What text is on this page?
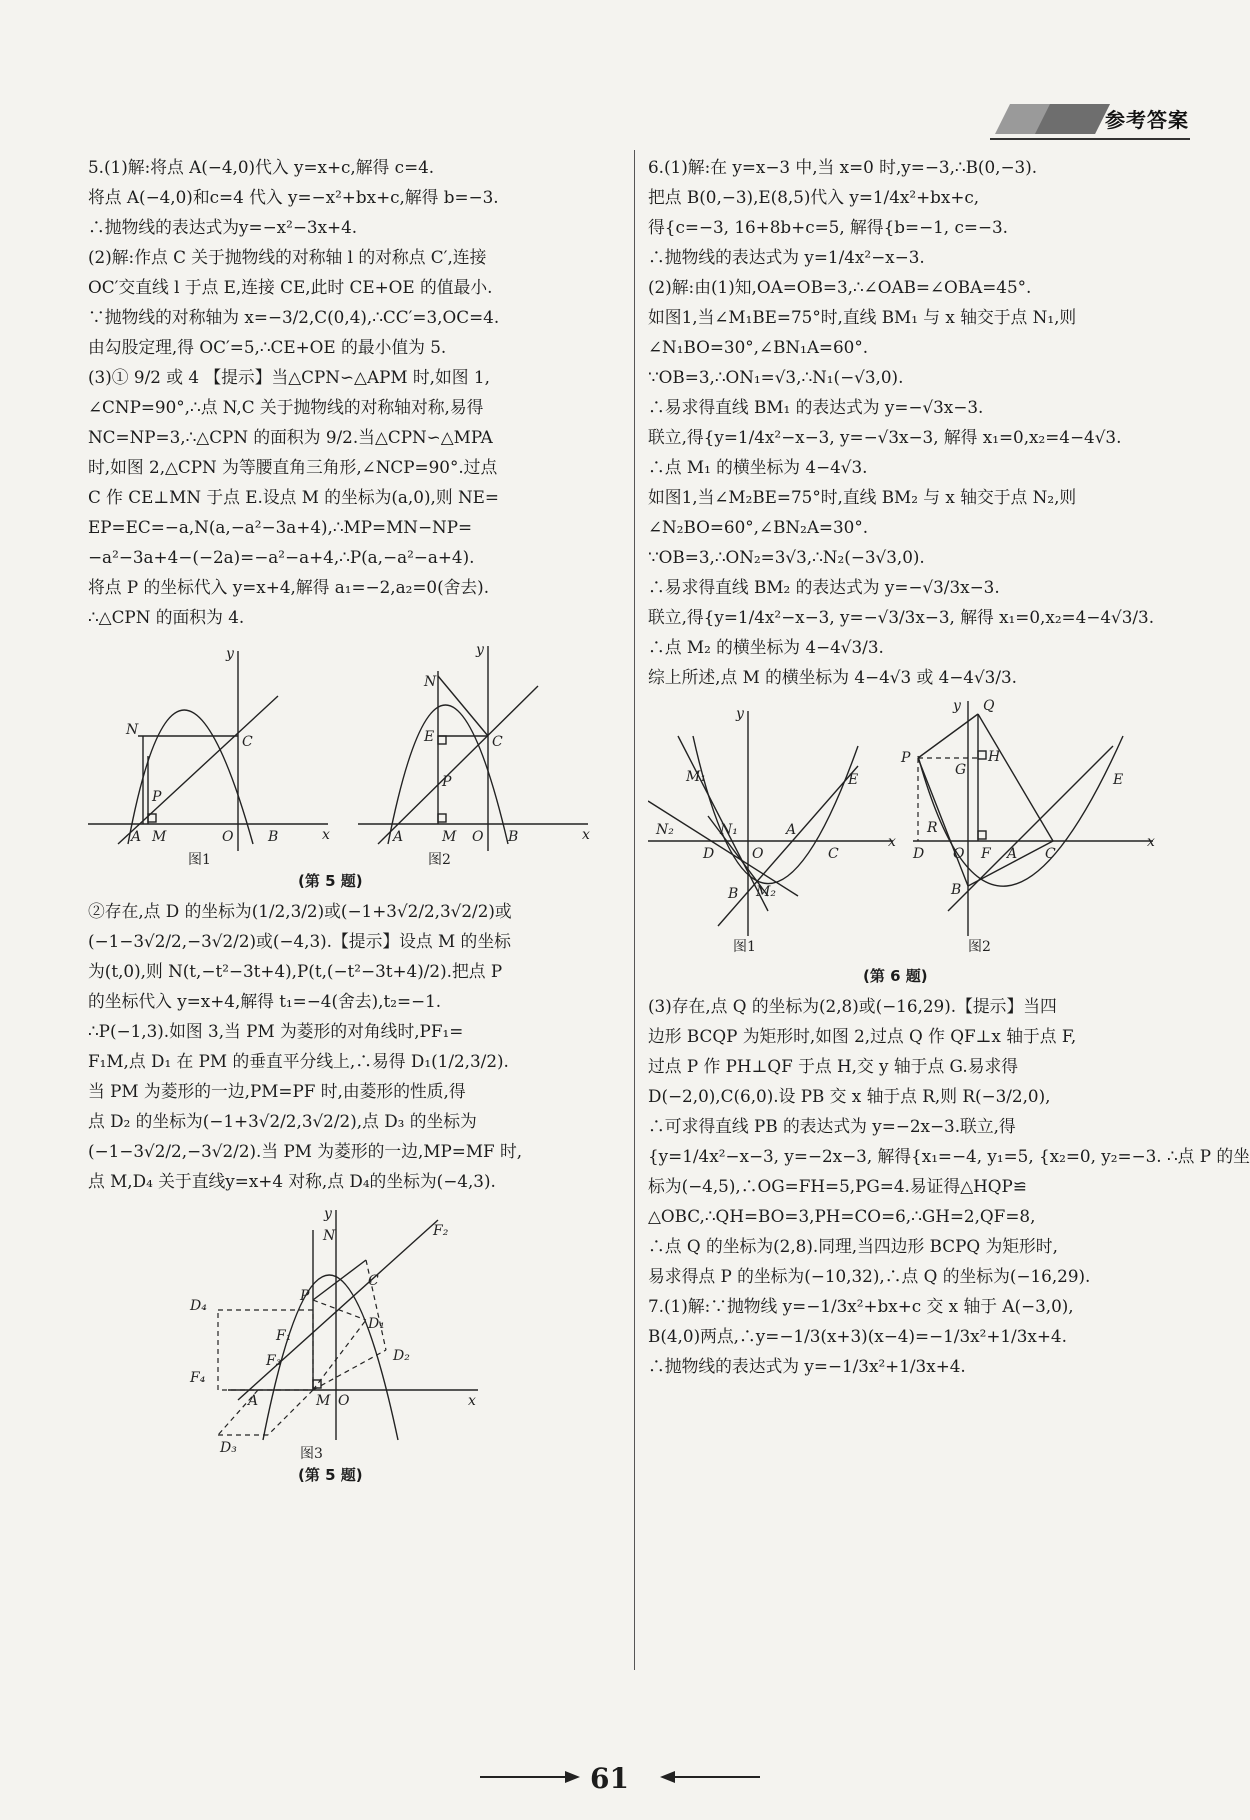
参考答案

5.(1)解:将点 A(−4,0)代入 y=x+c,解得 c=4.

将点 A(−4,0)和c=4 代入 y=−x²+bx+c,解得 b=−3.

∴抛物线的表达式为y=−x²−3x+4.

(2)解:作点 C 关于抛物线的对称轴 l 的对称点 C′,连接

OC′交直线 l 于点 E,连接 CE,此时 CE+OE 的值最小.

∵抛物线的对称轴为 x=−3/2,C(0,4),∴CC′=3,OC=4.

由勾股定理,得 OC′=5,∴CE+OE 的最小值为 5.

(3)① 9/2 或 4 【提示】当△CPN∽△APM 时,如图 1,

∠CNP=90°,∴点 N,C 关于抛物线的对称轴对称,易得

NC=NP=3,∴△CPN 的面积为 9/2.当△CPN∽△MPA

时,如图 2,△CPN 为等腰直角三角形,∠NCP=90°.过点

C 作 CE⊥MN 于点 E.设点 M 的坐标为(a,0),则 NE=

EP=EC=−a,N(a,−a²−3a+4),∴MP=MN−NP=

−a²−3a+4−(−2a)=−a²−a+4,∴P(a,−a²−a+4).

将点 P 的坐标代入 y=x+4,解得 a₁=−2,a₂=0(舍去).

∴△CPN 的面积为 4.

x
y
A M	O B
N
C
P
图1
x
y
A	M O B
N
E	C
P
图2

(第 5 题)

②存在,点 D 的坐标为(1/2,3/2)或(−1+3√2/2,3√2/2)或

(−1−3√2/2,−3√2/2)或(−4,3).【提示】设点 M 的坐标

为(t,0),则 N(t,−t²−3t+4),P(t,(−t²−3t+4)/2).把点 P

的坐标代入 y=x+4,解得 t₁=−4(舍去),t₂=−1.

∴P(−1,3).如图 3,当 PM 为菱形的对角线时,PF₁=

F₁M,点 D₁ 在 PM 的垂直平分线上,∴易得 D₁(1/2,3/2).

当 PM 为菱形的一边,PM=PF 时,由菱形的性质,得

点 D₂ 的坐标为(−1+3√2/2,3√2/2),点 D₃ 的坐标为

(−1−3√2/2,−3√2/2).当 PM 为菱形的一边,MP=MF 时,

点 M,D₄ 关于直线y=x+4 对称,点 D₄的坐标为(−4,3).

x
y
N
P
C
F₂
F₁
F₃
F₄
D₄
D₁
D₂
D₃
A	M O
图3

(第 5 题)

6.(1)解:在 y=x−3 中,当 x=0 时,y=−3,∴B(0,−3).

把点 B(0,−3),E(8,5)代入 y=1/4x²+bx+c,

得{c=−3, 16+8b+c=5, 解得{b=−1, c=−3.

∴抛物线的表达式为 y=1/4x²−x−3.

(2)解:由(1)知,OA=OB=3,∴∠OAB=∠OBA=45°.

如图1,当∠M₁BE=75°时,直线 BM₁ 与 x 轴交于点 N₁,则

∠N₁BO=30°,∠BN₁A=60°.

∵OB=3,∴ON₁=√3,∴N₁(−√3,0).

∴易求得直线 BM₁ 的表达式为 y=−√3x−3.

联立,得{y=1/4x²−x−3, y=−√3x−3, 解得 x₁=0,x₂=4−4√3.

∴点 M₁ 的横坐标为 4−4√3.

如图1,当∠M₂BE=75°时,直线 BM₂ 与 x 轴交于点 N₂,则

∠N₂BO=60°,∠BN₂A=30°.

∵OB=3,∴ON₂=3√3,∴N₂(−3√3,0).

∴易求得直线 BM₂ 的表达式为 y=−√3/3x−3.

联立,得{y=1/4x²−x−3, y=−√3/3x−3, 解得 x₁=0,x₂=4−4√3/3.

∴点 M₂ 的横坐标为 4−4√3/3.

综上所述,点 M 的横坐标为 4−4√3 或 4−4√3/3.

x
y
N₂	N₁
M₁
D	O
A
C
E
B M₂
图1
x
y Q
P
G
H
E
R
D O F A C
B
图2

(第 6 题)

(3)存在,点 Q 的坐标为(2,8)或(−16,29).【提示】当四

边形 BCQP 为矩形时,如图 2,过点 Q 作 QF⊥x 轴于点 F,

过点 P 作 PH⊥QF 于点 H,交 y 轴于点 G.易求得

D(−2,0),C(6,0).设 PB 交 x 轴于点 R,则 R(−3/2,0),

∴可求得直线 PB 的表达式为 y=−2x−3.联立,得

{y=1/4x²−x−3, y=−2x−3, 解得{x₁=−4, y₁=5, {x₂=0, y₂=−3. ∴点 P 的坐

标为(−4,5),∴OG=FH=5,PG=4.易证得△HQP≌

△OBC,∴QH=BO=3,PH=CO=6,∴GH=2,QF=8,

∴点 Q 的坐标为(2,8).同理,当四边形 BCPQ 为矩形时,

易求得点 P 的坐标为(−10,32),∴点 Q 的坐标为(−16,29).

7.(1)解:∵抛物线 y=−1/3x²+bx+c 交 x 轴于 A(−3,0),

B(4,0)两点,∴y=−1/3(x+3)(x−4)=−1/3x²+1/3x+4.

∴抛物线的表达式为 y=−1/3x²+1/3x+4.

61
